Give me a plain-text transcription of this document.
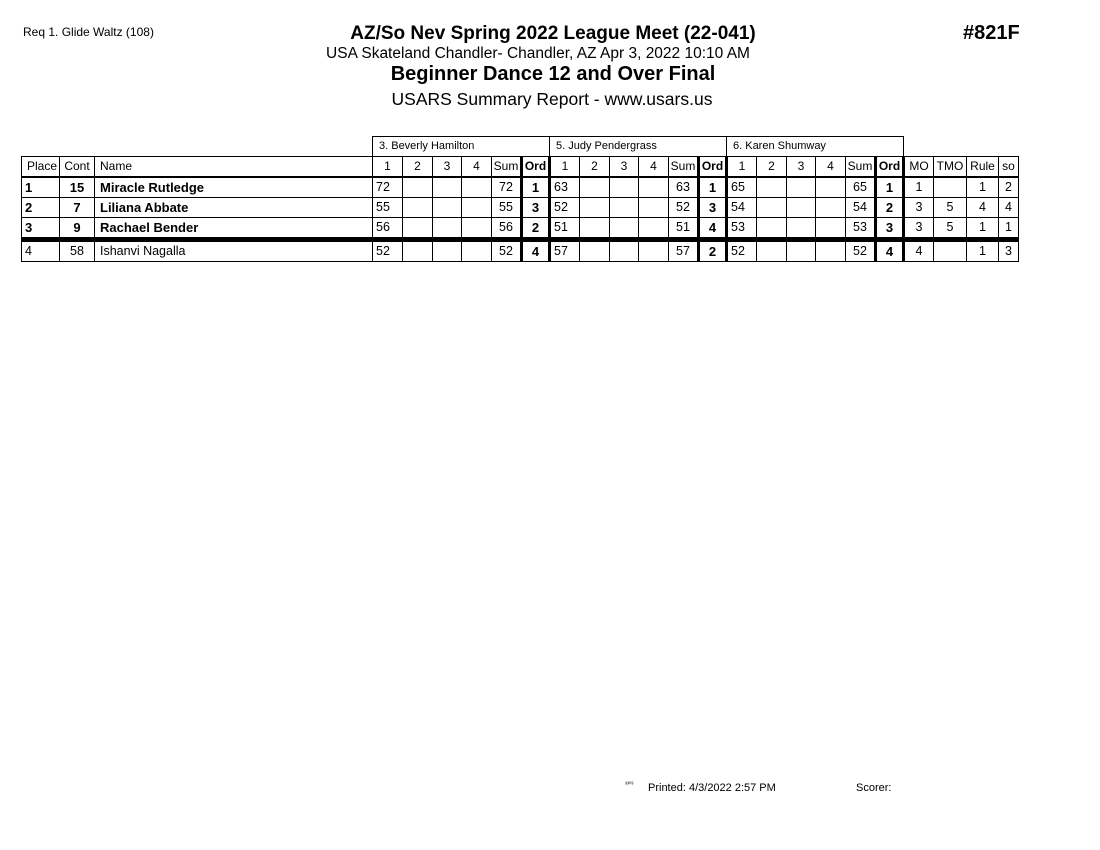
Req 1. Glide Waltz (108)	AZ/So Nev Spring 2022 League Meet (22-041)	#821F
USA Skateland Chandler- Chandler, AZ Apr 3, 2022 10:10 AM
Beginner Dance 12 and Over Final
USARS Summary Report - www.usars.us
			3. Beverly Hamilton						5. Judy Pendergrass						6. Karen Shumway									
Place	Cont	Name	1	2	3	4	Sum	Ord	1	2	3	4	Sum	Ord	1	2	3	4	Sum	Ord	MO	TMO	Rule	so
1	15	Miracle Rutledge	72				72	1	63				63	1	65				65	1	1		1	2
2	7	Liliana Abbate	55				55	3	52				52	3	54				54	2	3	5	4	4
3	9	Rachael Bender	56				56	2	51				51	4	53				53	3	3	5	1	1
4	58	Ishanvi Nagalla	52				52	4	57				57	2	52				52	4	4		1	3
³³⁰³ Printed: 4/3/2022 2:57 PM	Scorer:
